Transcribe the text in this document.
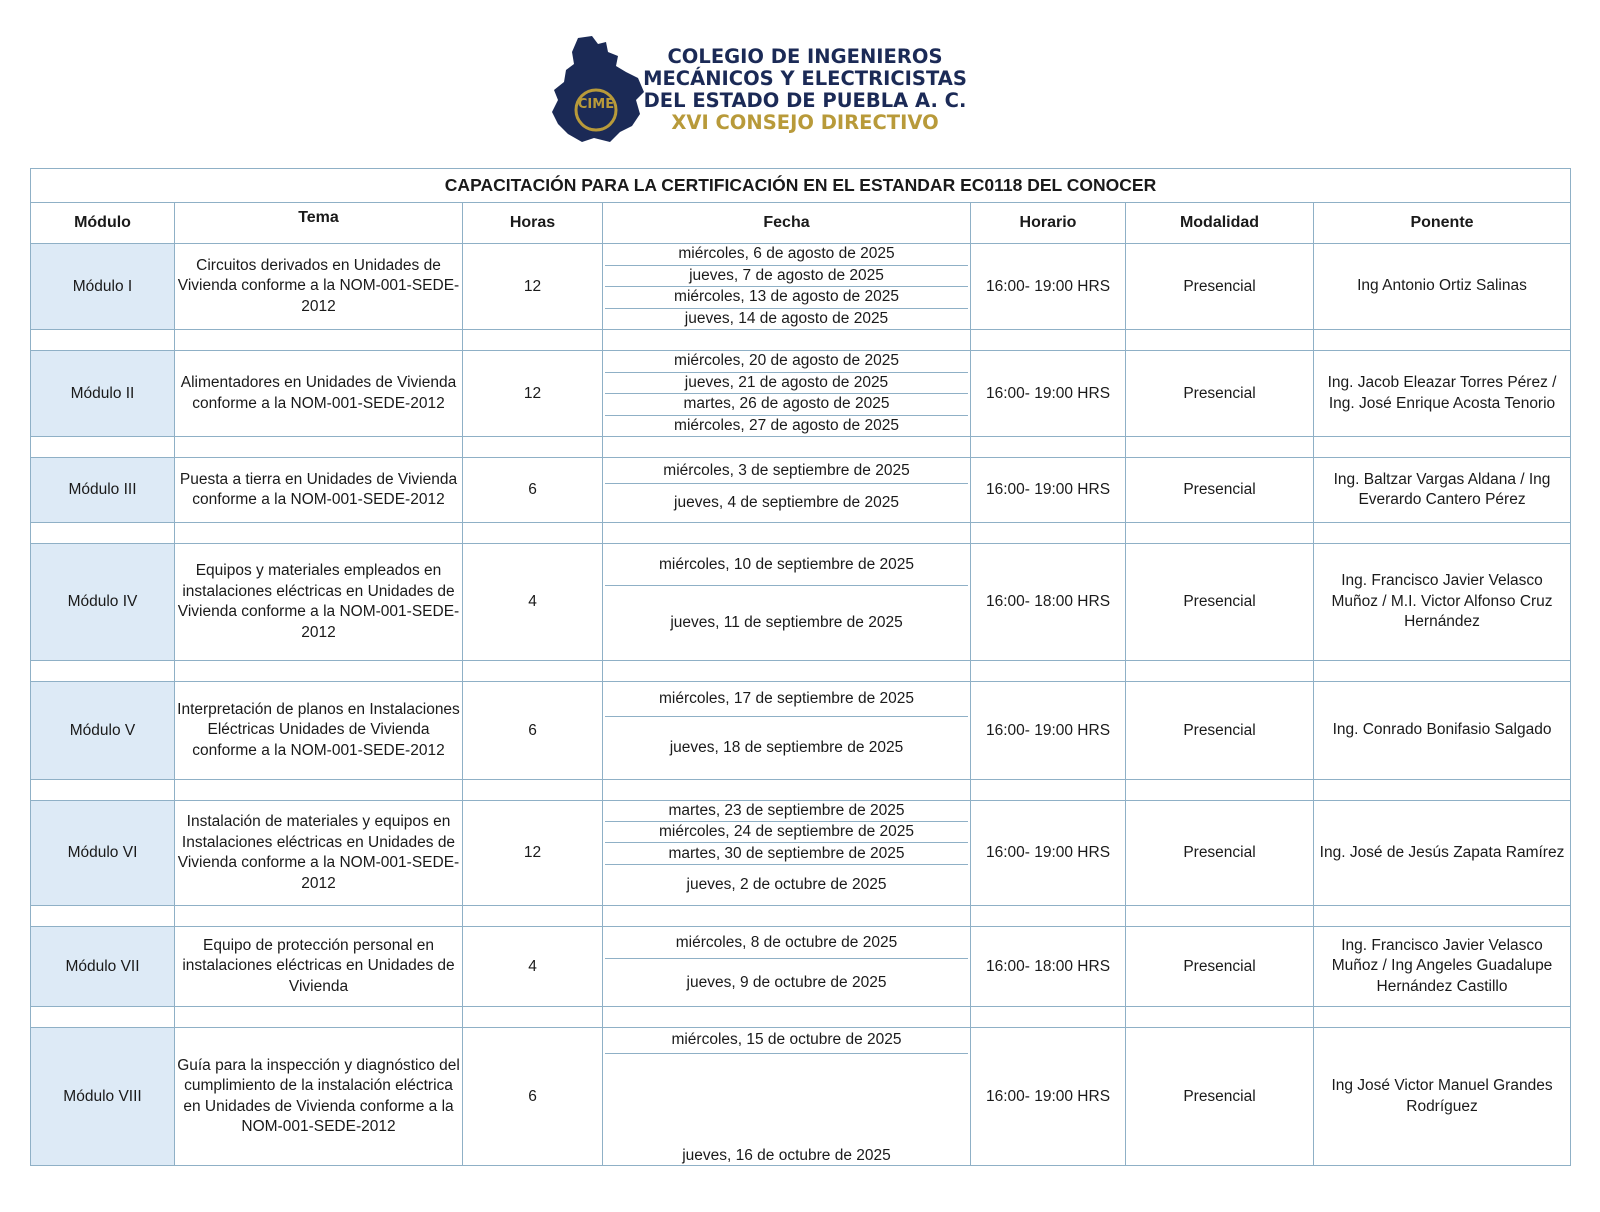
CIME
COLEGIO DE INGENIEROS
MECÁNICOS Y ELECTRICISTAS
DEL ESTADO DE PUEBLA A. C.
XVI CONSEJO DIRECTIVO
CAPACITACIÓN PARA LA CERTIFICACIÓN EN EL ESTANDAR EC0118 DEL CONOCER						
Módulo	Tema	Horas	Fecha	Horario	Modalidad	Ponente
Módulo I	Circuitos derivados en Unidades de Vivienda conforme a la NOM-001-SEDE-2012	12	miércoles, 6 de agosto de 2025
jueves, 7 de agosto de 2025
miércoles, 13 de agosto de 2025
jueves, 14 de agosto de 2025	16:00- 19:00 HRS	Presencial	Ing Antonio Ortiz Salinas

Módulo II	Alimentadores en Unidades de Vivienda conforme a la NOM-001-SEDE-2012	12	miércoles, 20 de agosto de 2025
jueves, 21 de agosto de 2025
martes, 26 de agosto de 2025
miércoles, 27 de agosto de 2025	16:00- 19:00 HRS	Presencial	Ing. Jacob Eleazar Torres Pérez / Ing. José Enrique Acosta Tenorio

Módulo III	Puesta a tierra en Unidades de Vivienda conforme a la NOM-001-SEDE-2012	6	miércoles, 3 de septiembre de 2025
jueves, 4 de septiembre de 2025	16:00- 19:00 HRS	Presencial	Ing. Baltzar Vargas Aldana / Ing Everardo Cantero Pérez

Módulo IV	Equipos y materiales empleados en instalaciones eléctricas en Unidades de Vivienda conforme a la NOM-001-SEDE-2012	4	miércoles, 10 de septiembre de 2025
jueves, 11 de septiembre de 2025	16:00- 18:00 HRS	Presencial	Ing. Francisco Javier Velasco Muñoz / M.I. Victor Alfonso Cruz Hernández

Módulo V	Interpretación de planos en Instalaciones Eléctricas Unidades de Vivienda conforme a la NOM-001-SEDE-2012	6	miércoles, 17 de septiembre de 2025
jueves, 18 de septiembre de 2025	16:00- 19:00 HRS	Presencial	Ing. Conrado Bonifasio Salgado

Módulo VI	Instalación de materiales y equipos en Instalaciones eléctricas en Unidades de Vivienda conforme a la NOM-001-SEDE-2012	12	martes, 23 de septiembre de 2025
miércoles, 24 de septiembre de 2025
martes, 30 de septiembre de 2025
jueves, 2 de octubre de 2025	16:00- 19:00 HRS	Presencial	Ing. José de Jesús Zapata Ramírez

Módulo VII	Equipo de protección personal en instalaciones eléctricas en Unidades de Vivienda	4	miércoles, 8 de octubre de 2025
jueves, 9 de octubre de 2025	16:00- 18:00 HRS	Presencial	Ing. Francisco Javier Velasco Muñoz / Ing Angeles Guadalupe Hernández Castillo

Módulo VIII	Guía para la inspección y diagnóstico del cumplimiento de la instalación eléctrica en Unidades de Vivienda conforme a la NOM-001-SEDE-2012	6	miércoles, 15 de octubre de 2025
jueves, 16 de octubre de 2025	16:00- 19:00 HRS	Presencial	Ing José Victor Manuel Grandes Rodríguez
